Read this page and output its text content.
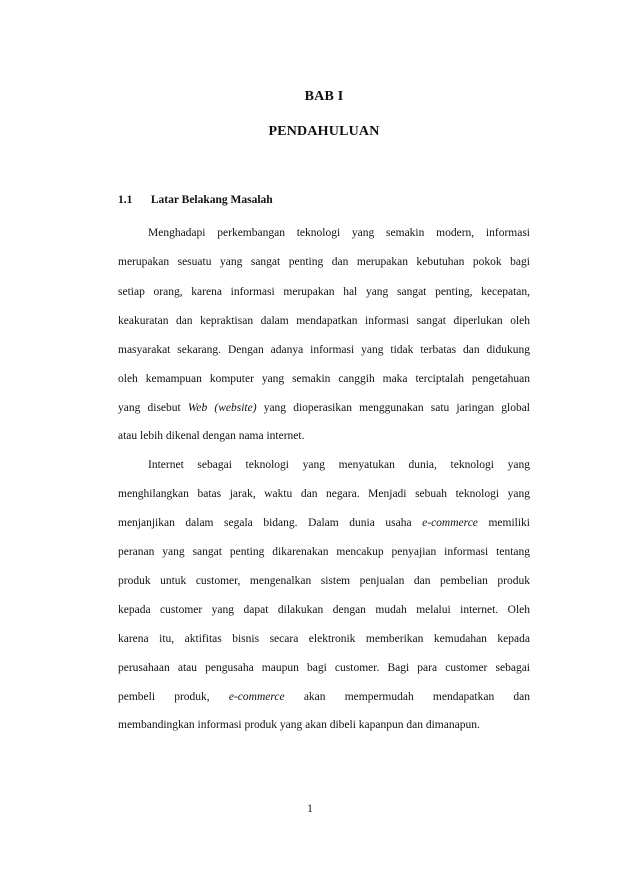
BAB I
PENDAHULUAN
1.1 Latar Belakang Masalah
Menghadapi perkembangan teknologi yang semakin modern, informasi
merupakan sesuatu yang sangat penting dan merupakan kebutuhan pokok bagi
setiap orang, karena informasi merupakan hal yang sangat penting, kecepatan,
keakuratan dan kepraktisan dalam mendapatkan informasi sangat diperlukan oleh
masyarakat sekarang. Dengan adanya informasi yang tidak terbatas dan didukung
oleh kemampuan komputer yang semakin canggih maka terciptalah pengetahuan
yang disebut Web (website) yang dioperasikan menggunakan satu jaringan global
atau lebih dikenal dengan nama internet.
Internet sebagai teknologi yang menyatukan dunia, teknologi yang
menghilangkan batas jarak, waktu dan negara. Menjadi sebuah teknologi yang
menjanjikan dalam segala bidang. Dalam dunia usaha e-commerce memiliki
peranan yang sangat penting dikarenakan mencakup penyajian informasi tentang
produk untuk customer, mengenalkan sistem penjualan dan pembelian produk
kepada customer yang dapat dilakukan dengan mudah melalui internet. Oleh
karena itu, aktifitas bisnis secara elektronik memberikan kemudahan kepada
perusahaan atau pengusaha maupun bagi customer. Bagi para customer sebagai
pembeli produk, e-commerce akan mempermudah mendapatkan dan
membandingkan informasi produk yang akan dibeli kapanpun dan dimanapun.
1
